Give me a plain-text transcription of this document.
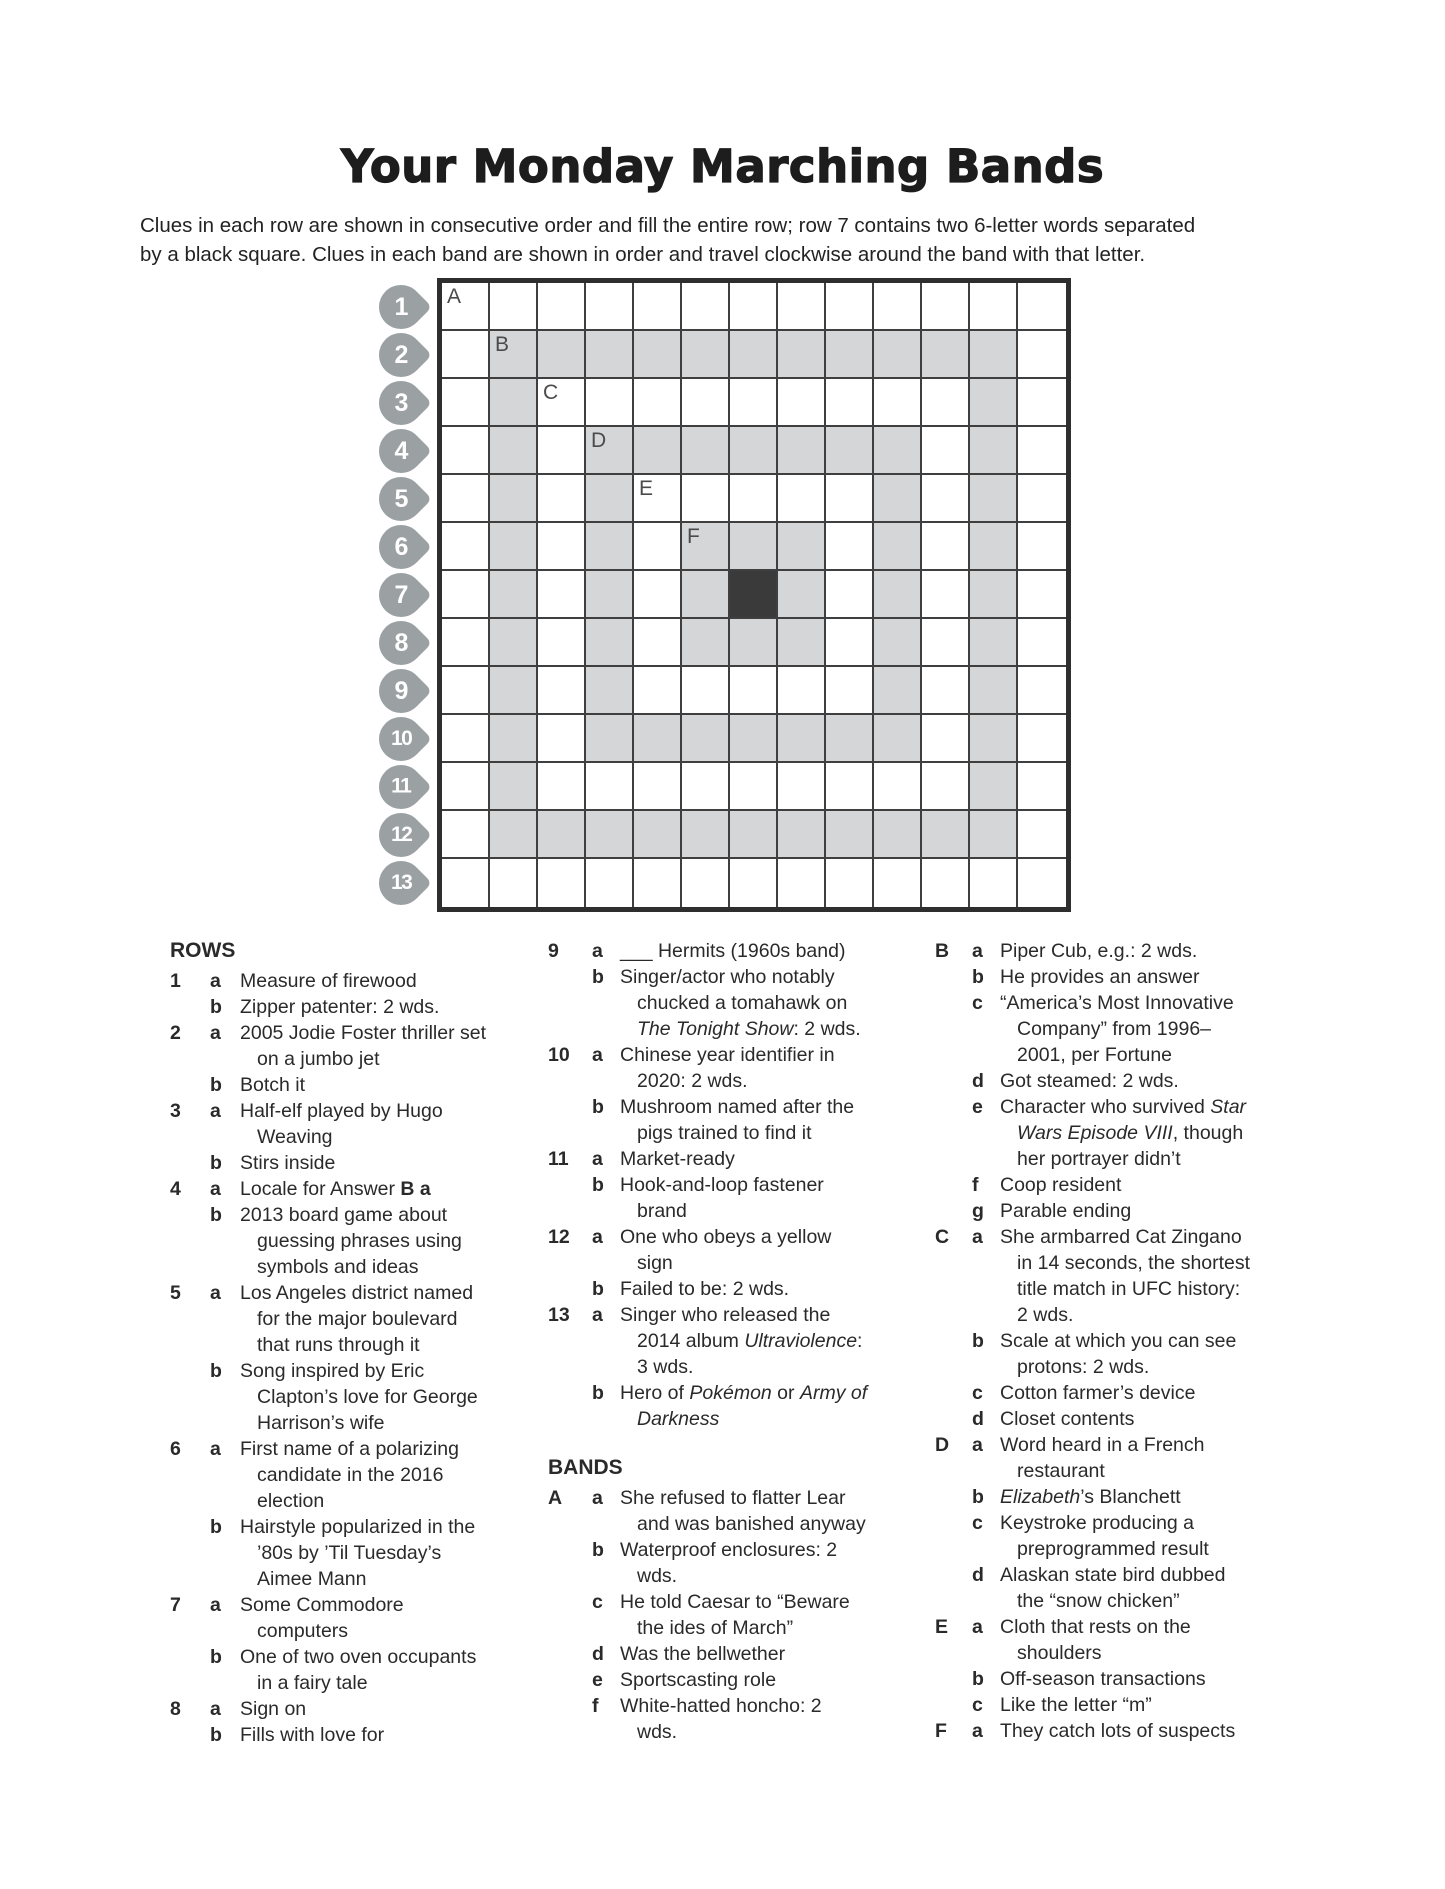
Your Monday Marching Bands
Clues in each row are shown in consecutive order and fill the entire row; row 7 contains two 6-letter words separated
by a black square. Clues in each band are shown in order and travel clockwise around the band with that letter.
1
2
3
4
5
6
7
8
9
10
11
12
13
A
B
C
D
E
F
ROWS
1	a Measure of firewood
b Zipper patenter: 2 wds.
2	a 2005 Jodie Foster thriller set
on a jumbo jet
b Botch it
3	a Half-elf played by Hugo
Weaving
b Stirs inside
4	a Locale for Answer B a
b 2013 board game about
guessing phrases using
symbols and ideas
5	a Los Angeles district named
for the major boulevard
that runs through it
b Song inspired by Eric
Clapton’s love for George
Harrison’s wife
6	a First name of a polarizing
candidate in the 2016
election
b Hairstyle popularized in the
’80s by ’Til Tuesday’s
Aimee Mann
7	a Some Commodore
computers
b One of two oven occupants
in a fairy tale
8	a Sign on
b Fills with love for
9	a ___ Hermits (1960s band)
b Singer/actor who notably
chucked a tomahawk on
The Tonight Show: 2 wds.
10	a Chinese year identifier in
2020: 2 wds.
b Mushroom named after the
pigs trained to find it
11	a Market-ready
b Hook-and-loop fastener
brand
12	a One who obeys a yellow
sign
b Failed to be: 2 wds.
13	a Singer who released the
2014 album Ultraviolence:
3 wds.
b Hero of Pokémon or Army of
Darkness
BANDS
A	a She refused to flatter Lear
and was banished anyway
b Waterproof enclosures: 2
wds.
c He told Caesar to “Beware
the ides of March”
d Was the bellwether
e Sportscasting role
f	White-hatted honcho: 2
wds.
B	a Piper Cub, e.g.: 2 wds.
b He provides an answer
c “America’s Most Innovative
Company” from 1996–
2001, per Fortune
d Got steamed: 2 wds.
e Character who survived Star
Wars Episode VIII, though
her portrayer didn’t
f	Coop resident
g Parable ending
C	a She armbarred Cat Zingano
in 14 seconds, the shortest
title match in UFC history:
2 wds.
b Scale at which you can see
protons: 2 wds.
c Cotton farmer’s device
d Closet contents
D	a Word heard in a French
restaurant
b Elizabeth’s Blanchett
c Keystroke producing a
preprogrammed result
d Alaskan state bird dubbed
the “snow chicken”
E	a Cloth that rests on the
shoulders
b Off-season transactions
c Like the letter “m”
F	a They catch lots of suspects
